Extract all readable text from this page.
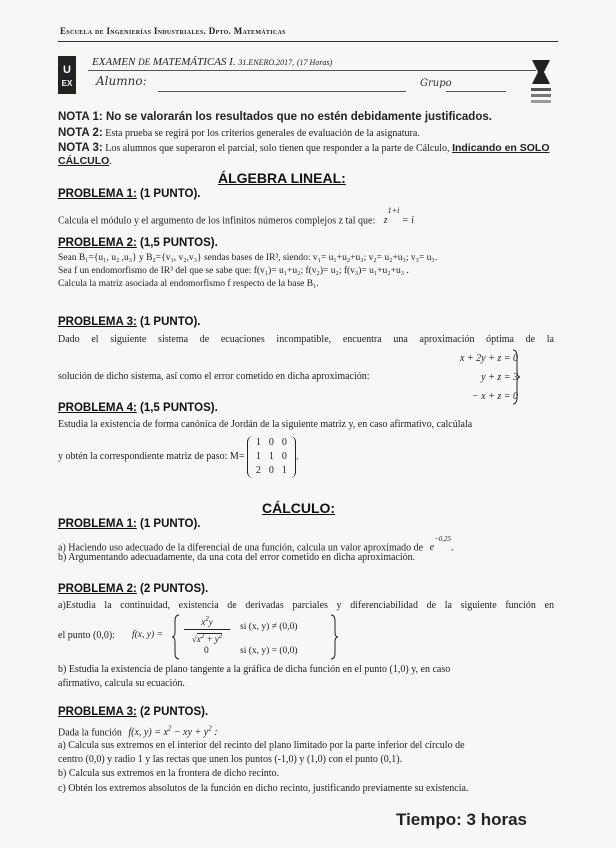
Escuela de Ingenierías Industriales. Dpto. Matemáticas
U
EX
EXAMEN DE MATEMÁTICAS I. 31.ENERO.2017, (17 Horas)
Alumno:	Grupo
NOTA 1: No se valorarán los resultados que no estén debidamente justificados.
NOTA 2: Esta prueba se regirá por los criterios generales de evaluación de la asignatura.
NOTA 3: Los alumnos que superaron el parcial, solo tienen que responder a la parte de Cálculo, Indicando en SOLO CÁLCULO.
ÁLGEBRA LINEAL:
PROBLEMA 1: (1 PUNTO).
Calcula el módulo y el argumento de los infinitos números complejos z tal que: $z^{1+i} = i$
PROBLEMA 2: (1,5 PUNTOS).
Sean B₁={u₁, u₂ ,u₃} y B₂={v₁, v₂,v₃} sendas bases de IR³, siendo: v₁= u₁+u₂+u₃; v₂= u₂+u₃; v₃= u₃.
Sea f un endomorfismo de IR³ del que se sabe que: f(v₁)= u₁+u₂; f(v₂)= u₂; f(v₃)= u₁+u₂+u₃ .
Calcula la matriz asociada al endomorfismo f respecto de la base B₁.
PROBLEMA 3: (1 PUNTO).
Dado el siguiente sistema de ecuaciones incompatible, encuentra una aproximación óptima de la
solución de dicho sistema, así como el error cometido en dicha aproximación:
x + 2y + z = 0
y + z = 3
− x + z = 0
PROBLEMA 4: (1,5 PUNTOS).
Estudia la existencia de forma canónica de Jordán de la siguiente matriz y, en caso afirmativo, calcúlala
y obtén la correspondiente matriz de paso: M=
1	0	0
1	1	0
2	0	1
.
CÁLCULO:
PROBLEMA 1: (1 PUNTO).
a) Haciendo uso adecuado de la diferencial de una función, calcula un valor aproximado de $e^{-0,25}$.
b) Argumentando adecuadamente, da una cota del error cometido en dicha aproximación.
PROBLEMA 2: (2 PUNTOS).
a)Estudia la continuidad, existencia de derivadas parciales y diferenciabilidad de la siguiente función en
el punto (0,0): f(x, y) =
$x^2y$
$√x^2 + y^2$
si (x, y) ≠ (0,0)
0	si (x, y) = (0,0)
b) Estudia la existencia de plano tangente a la gráfica de dicha función en el punto (1,0) y, en caso
afirmativo, calcula su ecuación.
PROBLEMA 3: (2 PUNTOS).
Dada la función f(x, $y) = x^2$ − xy + $y^2$ :
a) Calcula sus extremos en el interior del recinto del plano limitado por la parte inferior del círculo de
centro (0,0) y radio 1 y las rectas que unen los puntos (-1,0) y (1,0) con el punto (0,1).
b) Calcula sus extremos en la frontera de dicho recinto.
c) Obtén los extremos absolutos de la función en dicho recinto, justificando previamente su existencia.
Tiempo: 3 horas
